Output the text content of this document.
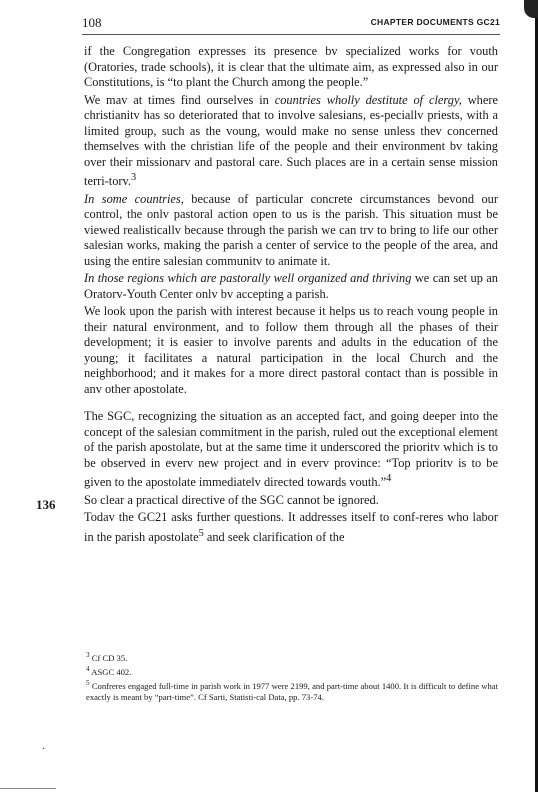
108	CHAPTER DOCUMENTS GC21

if the Congregation expresses its presence bv specialized works for vouth (Oratories, trade schools), it is clear that the ultimate aim, as expressed also in our Constitutions, is “to plant the Church among the people.”

We mav at times find ourselves in countries wholly destitute of clergy, where christianitv has so deteriorated that to involve salesians, es-peciallv priests, with a limited group, such as the voung, would make no sense unless thev concerned themselves with the christian life of the people and their environment bv taking over their missionarv and pastoral care. Such places are in a certain sense mission terri-torv.$^3$

In some countries, because of particular concrete circumstances bevond our control, the onlv pastoral action open to us is the parish. This situation must be viewed realisticallv because through the parish we can trv to bring to life our other salesian works, making the parish a center of service to the people of the area, and using the entire salesian communitv to animate it.

In those regions which are pastorally well organized and thriving we can set up an Oratorv-Youth Center onlv bv accepting a parish.

We look upon the parish with interest because it helps us to reach voung people in their natural environment, and to follow them through all the phases of their development; it is easier to involve parents and adults in the education of the young; it facilitates a natural participation in the local Church and the neighborhood; and it makes for a more direct pastoral contact than is possible in anv other apostolate.

The SGC, recognizing the situation as an accepted fact, and going deeper into the concept of the salesian commitment in the parish, ruled out the exceptional element of the parish apostolate, but at the same time it underscored the prioritv which is to be observed in everv new project and in everv province: “Top prioritv is to be given to the apostolate immediatelv directed towards vouth.”$^4$

So clear a practical directive of the SGC cannot be ignored.

Todav the GC21 asks further questions. It addresses itself to conf-reres who labor in the parish apostolate$^5$ and seek clarification of the

136

$^3$ Cf CD 35.

$^4$ ASGC 402.

$^5$ Confreres engaged full-time in parish work in 1977 were 2199, and part-time about 1400. It is difficult to define what exactly is meant by “part-time”. Cf Sarti, Statisti-cal Data, pp. 73-74.

·
